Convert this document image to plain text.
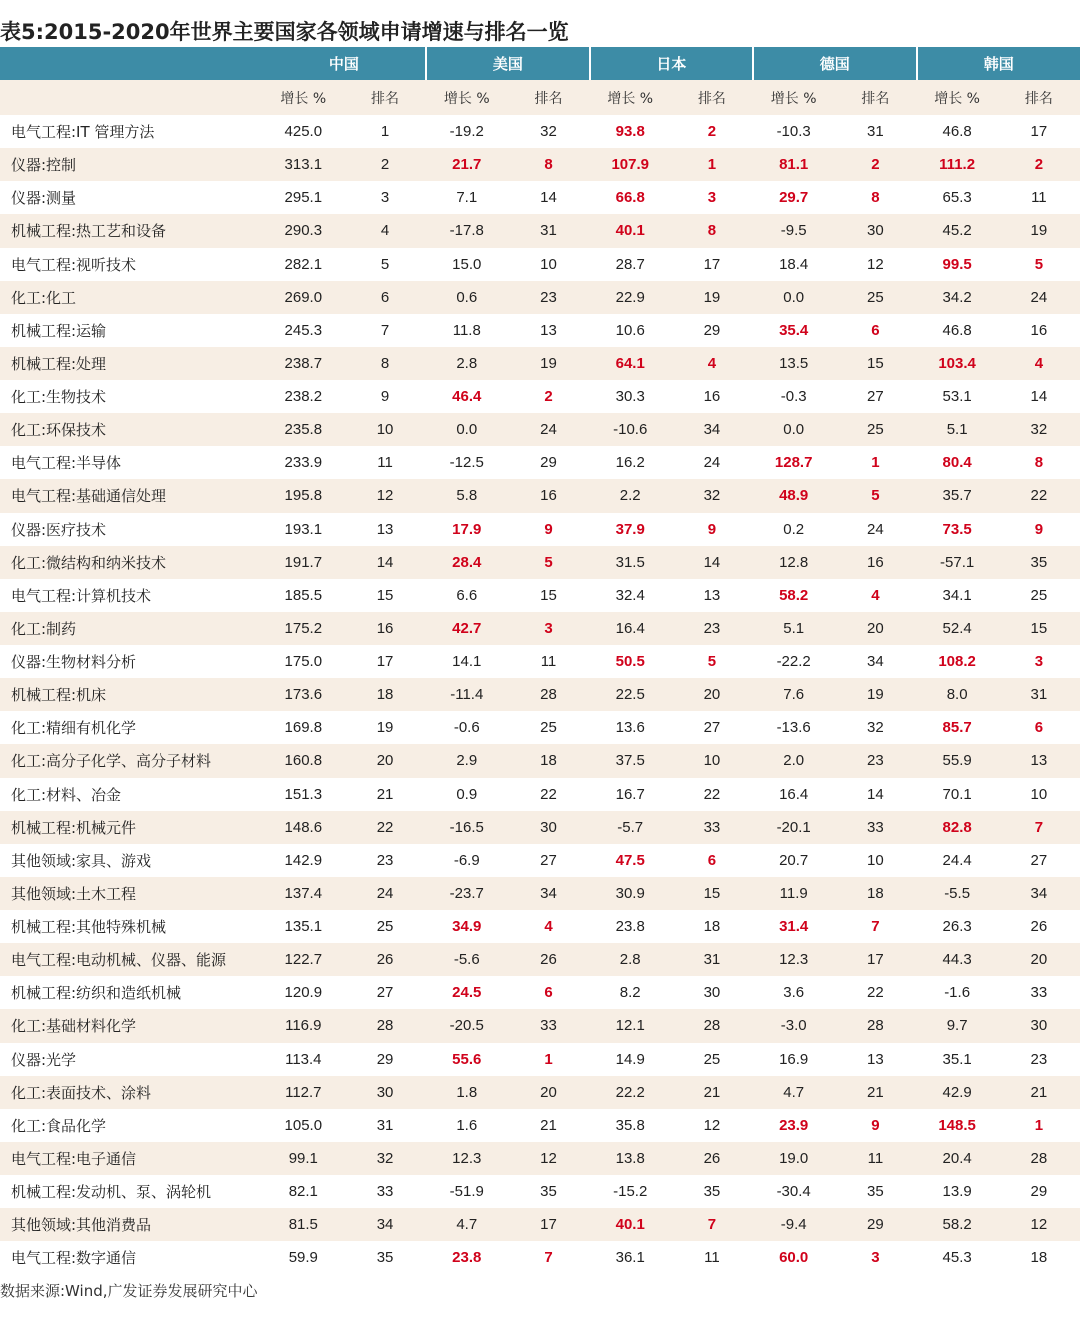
表5:2015-2020年世界主要国家各领域申请增速与排名一览
	中国		美国		日本		德国		韩国	
	增长 %	排名	增长 %	排名	增长 %	排名	增长 %	排名	增长 %	排名
电气工程:IT 管理方法	425.0	1	-19.2	32	93.8	2	-10.3	31	46.8	17
仪器:控制	313.1	2	21.7	8	107.9	1	81.1	2	111.2	2
仪器:测量	295.1	3	7.1	14	66.8	3	29.7	8	65.3	11
机械工程:热工艺和设备	290.3	4	-17.8	31	40.1	8	-9.5	30	45.2	19
电气工程:视听技术	282.1	5	15.0	10	28.7	17	18.4	12	99.5	5
化工:化工	269.0	6	0.6	23	22.9	19	0.0	25	34.2	24
机械工程:运输	245.3	7	11.8	13	10.6	29	35.4	6	46.8	16
机械工程:处理	238.7	8	2.8	19	64.1	4	13.5	15	103.4	4
化工:生物技术	238.2	9	46.4	2	30.3	16	-0.3	27	53.1	14
化工:环保技术	235.8	10	0.0	24	-10.6	34	0.0	25	5.1	32
电气工程:半导体	233.9	11	-12.5	29	16.2	24	128.7	1	80.4	8
电气工程:基础通信处理	195.8	12	5.8	16	2.2	32	48.9	5	35.7	22
仪器:医疗技术	193.1	13	17.9	9	37.9	9	0.2	24	73.5	9
化工:微结构和纳米技术	191.7	14	28.4	5	31.5	14	12.8	16	-57.1	35
电气工程:计算机技术	185.5	15	6.6	15	32.4	13	58.2	4	34.1	25
化工:制药	175.2	16	42.7	3	16.4	23	5.1	20	52.4	15
仪器:生物材料分析	175.0	17	14.1	11	50.5	5	-22.2	34	108.2	3
机械工程:机床	173.6	18	-11.4	28	22.5	20	7.6	19	8.0	31
化工:精细有机化学	169.8	19	-0.6	25	13.6	27	-13.6	32	85.7	6
化工:高分子化学、高分子材料	160.8	20	2.9	18	37.5	10	2.0	23	55.9	13
化工:材料、冶金	151.3	21	0.9	22	16.7	22	16.4	14	70.1	10
机械工程:机械元件	148.6	22	-16.5	30	-5.7	33	-20.1	33	82.8	7
其他领域:家具、游戏	142.9	23	-6.9	27	47.5	6	20.7	10	24.4	27
其他领域:土木工程	137.4	24	-23.7	34	30.9	15	11.9	18	-5.5	34
机械工程:其他特殊机械	135.1	25	34.9	4	23.8	18	31.4	7	26.3	26
电气工程:电动机械、仪器、能源	122.7	26	-5.6	26	2.8	31	12.3	17	44.3	20
机械工程:纺织和造纸机械	120.9	27	24.5	6	8.2	30	3.6	22	-1.6	33
化工:基础材料化学	116.9	28	-20.5	33	12.1	28	-3.0	28	9.7	30
仪器:光学	113.4	29	55.6	1	14.9	25	16.9	13	35.1	23
化工:表面技术、涂料	112.7	30	1.8	20	22.2	21	4.7	21	42.9	21
化工:食品化学	105.0	31	1.6	21	35.8	12	23.9	9	148.5	1
电气工程:电子通信	99.1	32	12.3	12	13.8	26	19.0	11	20.4	28
机械工程:发动机、泵、涡轮机	82.1	33	-51.9	35	-15.2	35	-30.4	35	13.9	29
其他领域:其他消费品	81.5	34	4.7	17	40.1	7	-9.4	29	58.2	12
电气工程:数字通信	59.9	35	23.8	7	36.1	11	60.0	3	45.3	18
数据来源:Wind,广发证券发展研究中心
